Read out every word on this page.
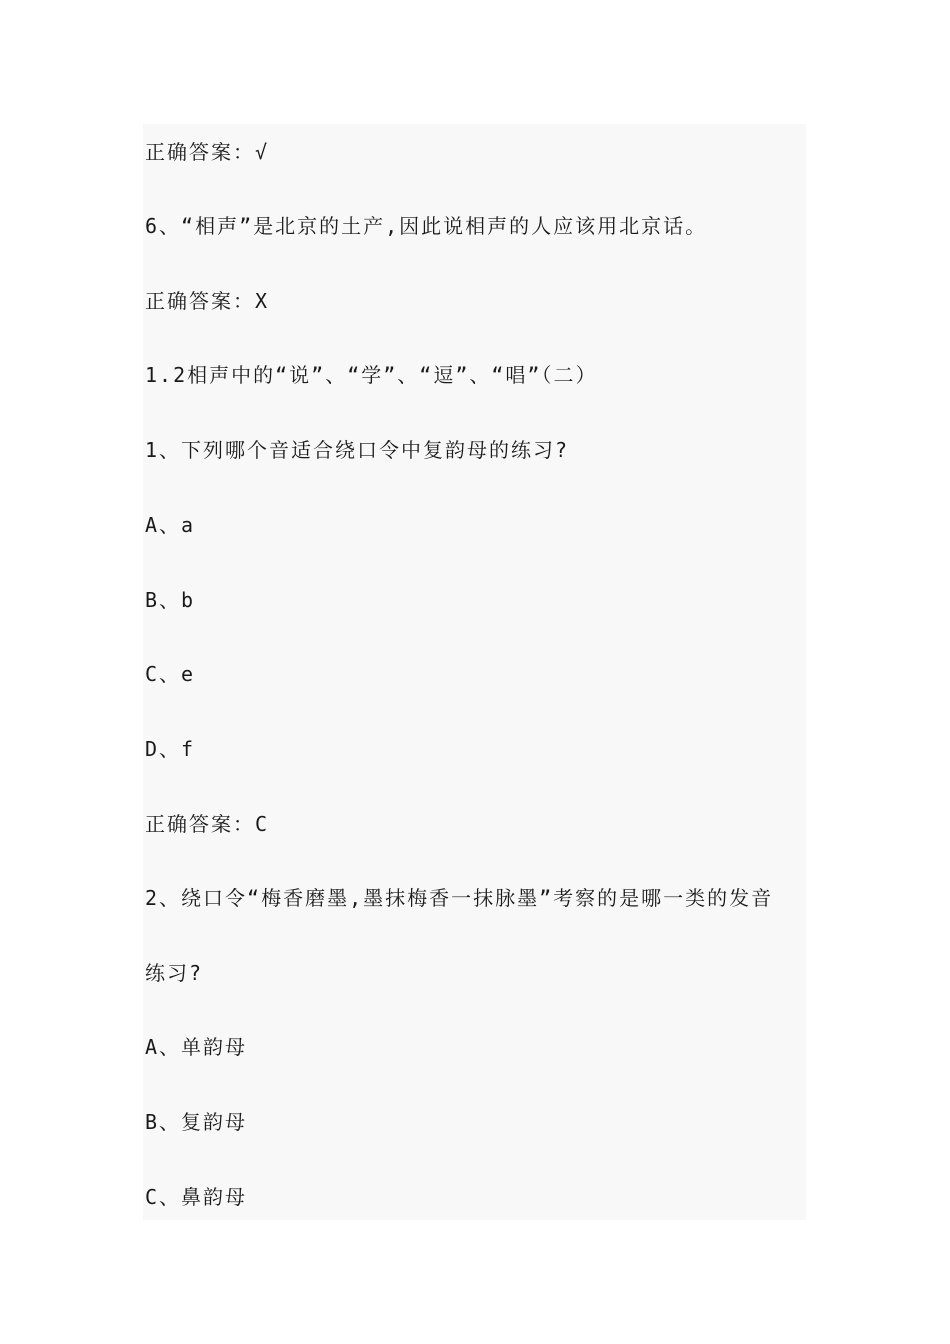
正确答案：√
6、“相声”是北京的土产,因此说相声的人应该用北京话。
正确答案：X
1.2相声中的“说”、“学”、“逗”、“唱”（二）
1、下列哪个音适合绕口令中复韵母的练习?
A、a
B、b
C、e
D、f
正确答案：C
2、绕口令“梅香磨墨,墨抹梅香一抹脉墨”考察的是哪一类的发音
练习?
A、单韵母
B、复韵母
C、鼻韵母
